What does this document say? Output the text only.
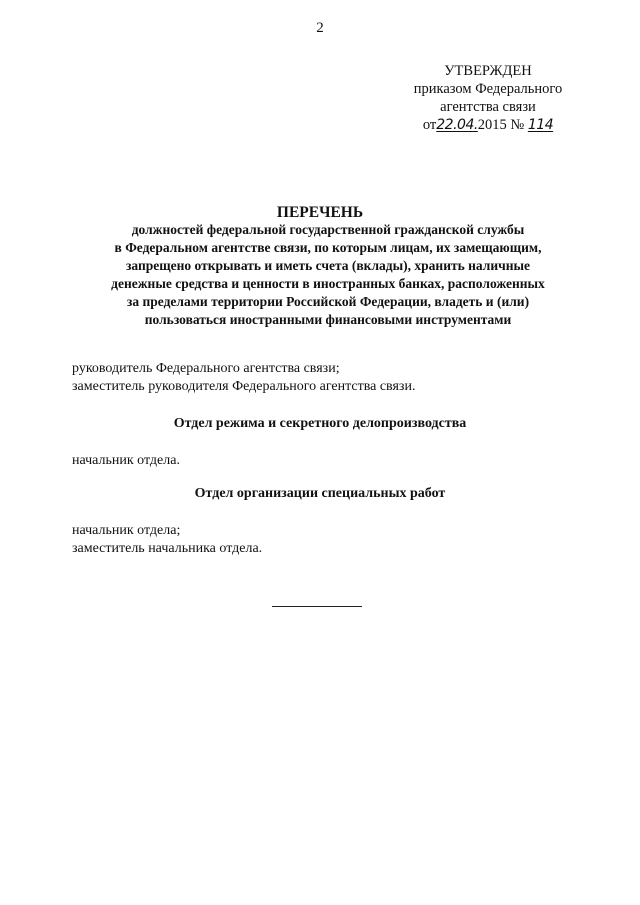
2
УТВЕРЖДЕН
приказом Федерального
агентства связи
от22.04.2015 № 114
ПЕРЕЧЕНЬ
должностей федеральной государственной гражданской службы
в Федеральном агентстве связи, по которым лицам, их замещающим,
запрещено открывать и иметь счета (вклады), хранить наличные
денежные средства и ценности в иностранных банках, расположенных
за пределами территории Российской Федерации, владеть и (или)
пользоваться иностранными финансовыми инструментами
руководитель Федерального агентства связи;
заместитель руководителя Федерального агентства связи.
Отдел режима и секретного делопроизводства
начальник отдела.
Отдел организации специальных работ
начальник отдела;
заместитель начальника отдела.
